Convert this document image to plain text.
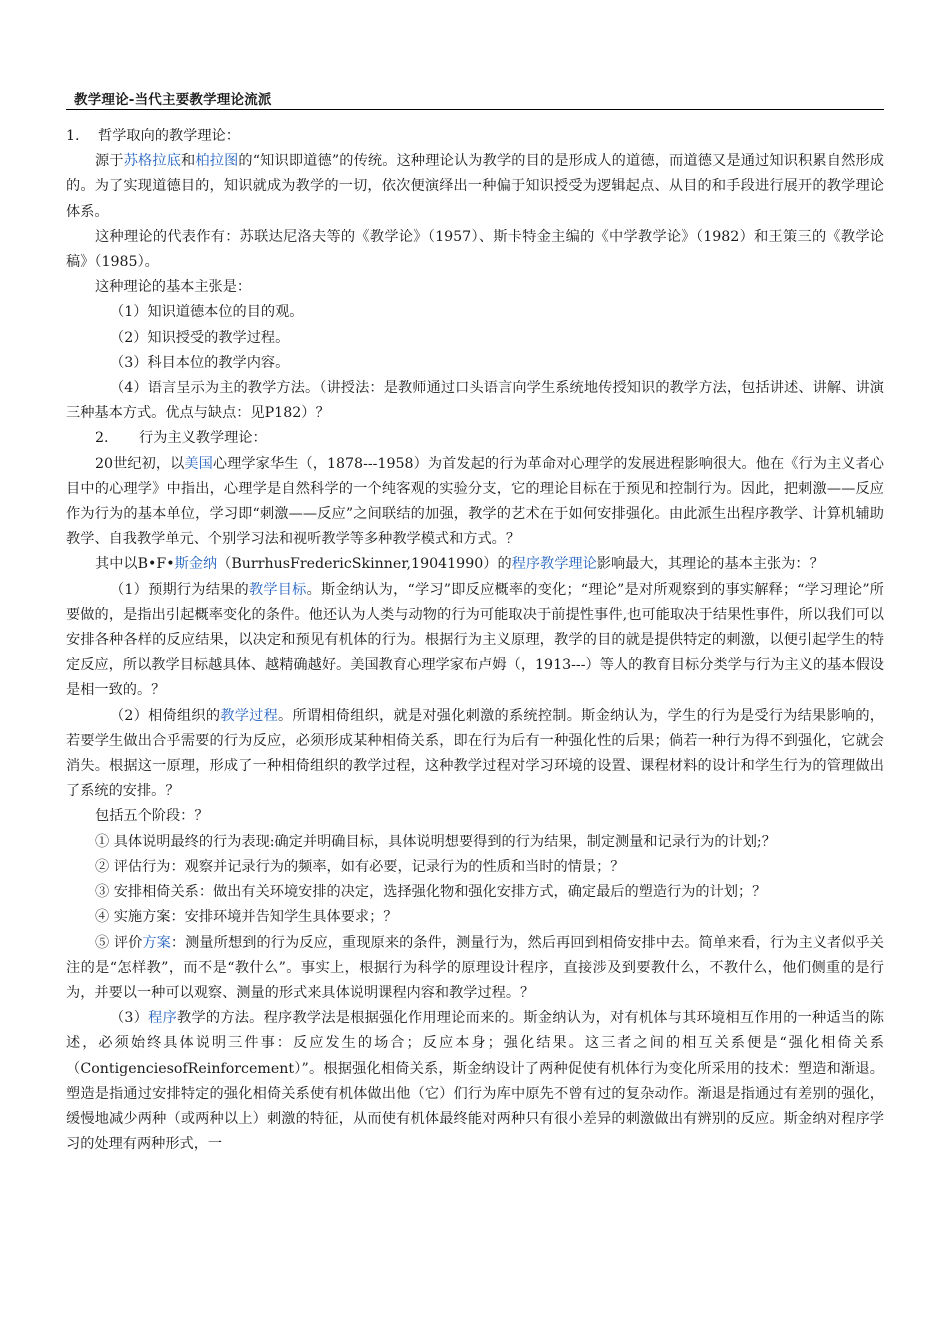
教学理论-当代主要教学理论流派

1. 哲学取向的教学理论：

源于苏格拉底和柏拉图的“知识即道德”的传统。这种理论认为教学的目的是形成人的道德，而道德又是通过知识积累自然形成的。为了实现道德目的，知识就成为教学的一切，依次便演绎出一种偏于知识授受为逻辑起点、从目的和手段进行展开的教学理论体系。

这种理论的代表作有：苏联达尼洛夫等的《教学论》（1957）、斯卡特金主编的《中学教学论》（1982）和王策三的《教学论稿》（1985）。

这种理论的基本主张是：

（1）知识道德本位的目的观。

（2）知识授受的教学过程。

（3）科目本位的教学内容。

（4）语言呈示为主的教学方法。（讲授法：是教师通过口头语言向学生系统地传授知识的教学方法，包括讲述、讲解、讲演三种基本方式。优点与缺点：见P182）？

2. 行为主义教学理论：

20世纪初，以美国心理学家华生（，1878---1958）为首发起的行为革命对心理学的发展进程影响很大。他在《行为主义者心目中的心理学》中指出，心理学是自然科学的一个纯客观的实验分支，它的理论目标在于预见和控制行为。因此，把刺激——反应作为行为的基本单位，学习即“刺激——反应”之间联结的加强，教学的艺术在于如何安排强化。由此派生出程序教学、计算机辅助教学、自我教学单元、个别学习法和视听教学等多种教学模式和方式。？

其中以B•F•斯金纳（BurrhusFredericSkinner,19041990）的程序教学理论影响最大，其理论的基本主张为：？

（1）预期行为结果的教学目标。斯金纳认为，“学习”即反应概率的变化；“理论”是对所观察到的事实解释；“学习理论”所要做的，是指出引起概率变化的条件。他还认为人类与动物的行为可能取决于前提性事件,也可能取决于结果性事件，所以我们可以安排各种各样的反应结果，以决定和预见有机体的行为。根据行为主义原理，教学的目的就是提供特定的刺激，以便引起学生的特定反应，所以教学目标越具体、越精确越好。美国教育心理学家布卢姆（，1913---）等人的教育目标分类学与行为主义的基本假设是相一致的。？

（2）相倚组织的教学过程。所谓相倚组织，就是对强化刺激的系统控制。斯金纳认为，学生的行为是受行为结果影响的，若要学生做出合乎需要的行为反应，必须形成某种相倚关系，即在行为后有一种强化性的后果；倘若一种行为得不到强化，它就会消失。根据这一原理，形成了一种相倚组织的教学过程，这种教学过程对学习环境的设置、课程材料的设计和学生行为的管理做出了系统的安排。？

包括五个阶段：？

① 具体说明最终的行为表现:确定并明确目标，具体说明想要得到的行为结果，制定测量和记录行为的计划;？

② 评估行为：观察并记录行为的频率，如有必要，记录行为的性质和当时的情景；？

③ 安排相倚关系：做出有关环境安排的决定，选择强化物和强化安排方式，确定最后的塑造行为的计划；？

④ 实施方案：安排环境并告知学生具体要求；？

⑤ 评价方案：测量所想到的行为反应，重现原来的条件，测量行为，然后再回到相倚安排中去。简单来看，行为主义者似乎关注的是“怎样教”，而不是“教什么”。事实上，根据行为科学的原理设计程序，直接涉及到要教什么，不教什么，他们侧重的是行为，并要以一种可以观察、测量的形式来具体说明课程内容和教学过程。？

（3）程序教学的方法。程序教学法是根据强化作用理论而来的。斯金纳认为，对有机体与其环境相互作用的一种适当的陈述，必须始终具体说明三件事：反应发生的场合；反应本身；强化结果。这三者之间的相互关系便是“强化相倚关系（ContigenciesofReinforcement）”。根据强化相倚关系，斯金纳设计了两种促使有机体行为变化所采用的技术：塑造和渐退。塑造是指通过安排特定的强化相倚关系使有机体做出他（它）们行为库中原先不曾有过的复杂动作。渐退是指通过有差别的强化，缓慢地减少两种（或两种以上）刺激的特征，从而使有机体最终能对两种只有很小差异的刺激做出有辨别的反应。斯金纳对程序学习的处理有两种形式，一
